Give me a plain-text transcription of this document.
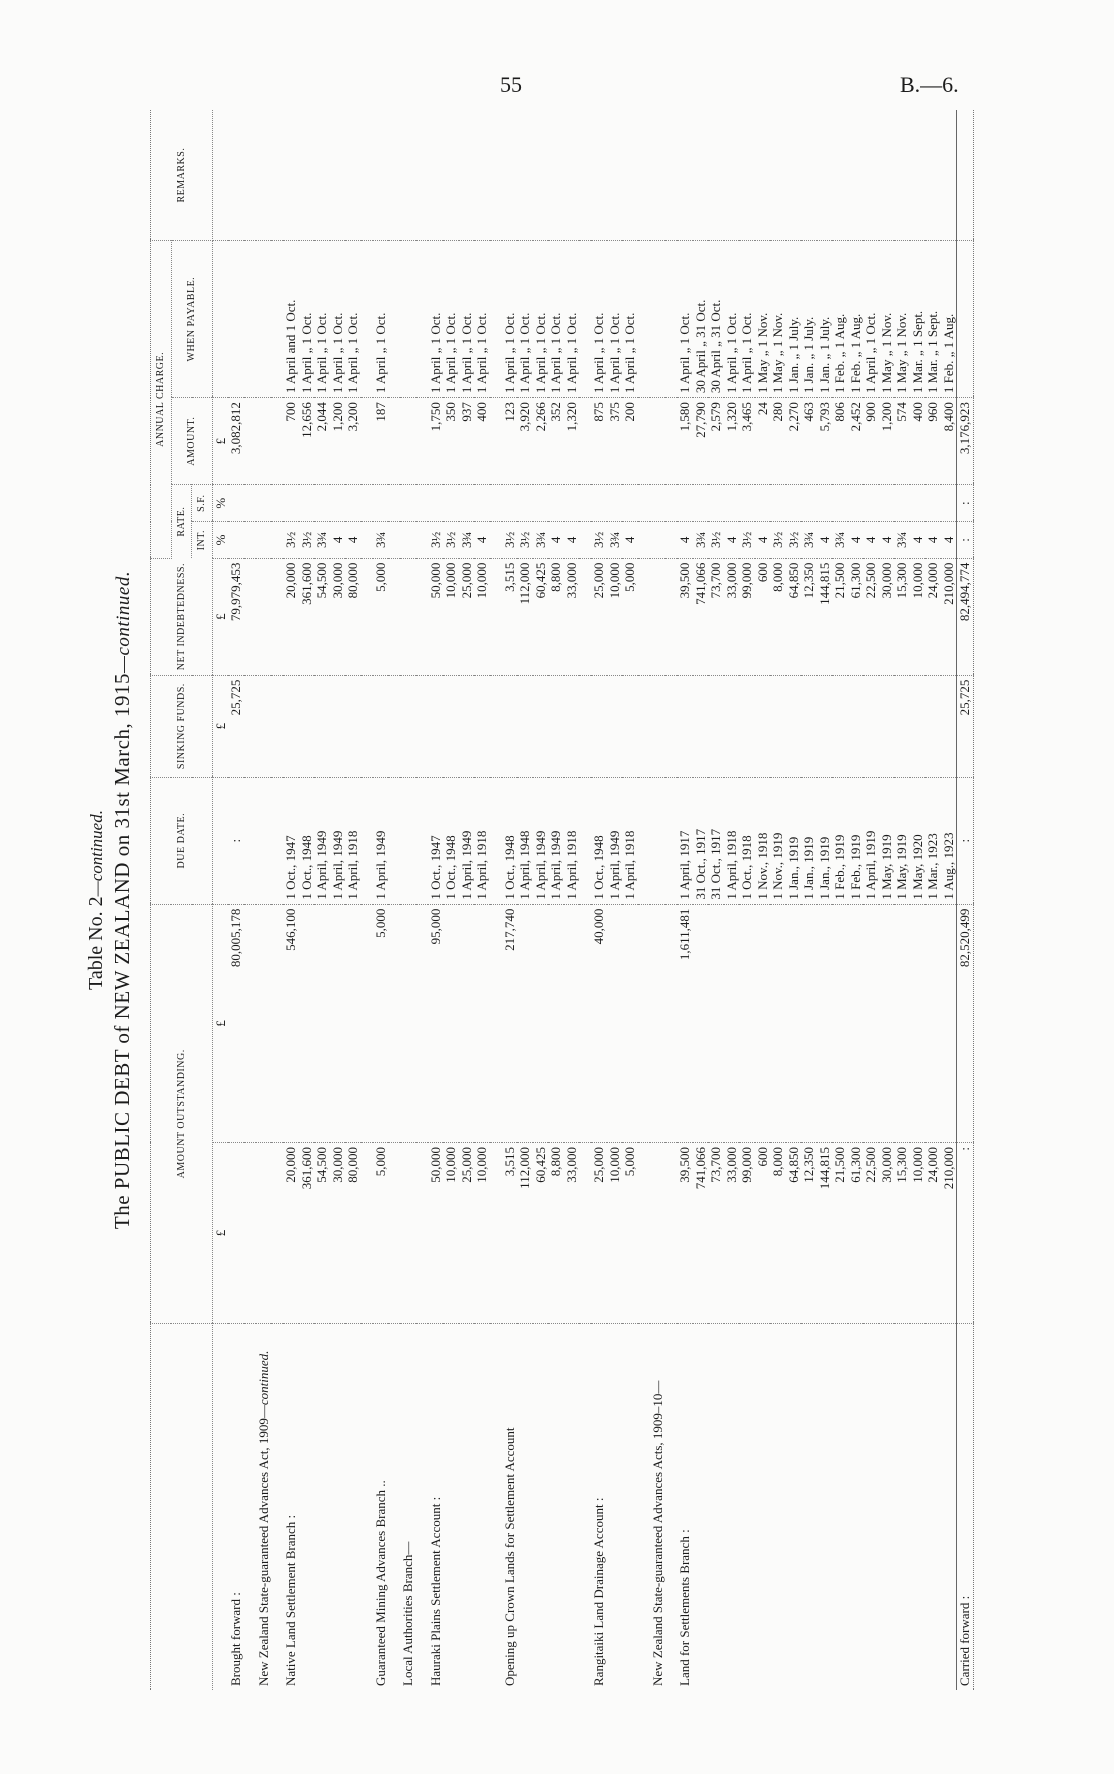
55	B.—6.
Table No. 2—continued. The PUBLIC DEBT of NEW ZEALAND on 31st March, 1915—continued.
	AMOUNT OUTSTANDING.		DUE DATE.	SINKING FUNDS.	NET INDEBTEDNESS.	ANNUAL CHARGE.				REMARKS.
						RATE.		AMOUNT.	WHEN PAYABLE.	
						INT.	S.F.			
	£	£		£	£	%	%	£		
Brought forward :		80,005,178	:	25,725	79,979,453			3,082,812		

New Zealand State-guaranteed Advances Act, 1909—continued.										

Native Land Settlement Branch :	20,000	546,100	1 Oct., 1947		20,000	3½		700	1 April and 1 Oct.	
	361,600		1 Oct., 1948		361,600	3½		12,656	1 April „ 1 Oct.	
	54,500		1 April, 1949		54,500	3¾		2,044	1 April „ 1 Oct.	
	30,000		1 April, 1949		30,000	4		1,200	1 April „ 1 Oct.	
	80,000		1 April, 1918		80,000	4		3,200	1 April „ 1 Oct.	

Guaranteed Mining Advances Branch ..	5,000	5,000	1 April, 1949		5,000	3¾		187	1 April „ 1 Oct.	

Local Authorities Branch—										

Hauraki Plains Settlement Account :	50,000	95,000	1 Oct., 1947		50,000	3½		1,750	1 April „ 1 Oct.	
	10,000		1 Oct., 1948		10,000	3½		350	1 April „ 1 Oct.	
	25,000		1 April, 1949		25,000	3¾		937	1 April „ 1 Oct.	
	10,000		1 April, 1918		10,000	4		400	1 April „ 1 Oct.	

Opening up Crown Lands for Settlement Account	3,515	217,740	1 Oct., 1948		3,515	3½		123	1 April „ 1 Oct.	
	112,000		1 April, 1948		112,000	3½		3,920	1 April „ 1 Oct.	
	60,425		1 April, 1949		60,425	3¾		2,266	1 April „ 1 Oct.	
	8,800		1 April, 1949		8,800	4		352	1 April „ 1 Oct.	
	33,000		1 April, 1918		33,000	4		1,320	1 April „ 1 Oct.	

Rangitaiki Land Drainage Account :	25,000	40,000	1 Oct., 1948		25,000	3½		875	1 April „ 1 Oct.	
	10,000		1 April, 1949		10,000	3¾		375	1 April „ 1 Oct.	
	5,000		1 April, 1918		5,000	4		200	1 April „ 1 Oct.	

New Zealand State-guaranteed Advances Acts, 1909–10—										

Land for Settlements Branch :	39,500	1,611,481	1 April, 1917		39,500	4		1,580	1 April „ 1 Oct.	
	741,066		31 Oct., 1917		741,066	3¾		27,790	30 April „ 31 Oct.	
	73,700		31 Oct., 1917		73,700	3½		2,579	30 April „ 31 Oct.	
	33,000		1 April, 1918		33,000	4		1,320	1 April „ 1 Oct.	
	99,000		1 Oct., 1918		99,000	3½		3,465	1 April „ 1 Oct.	
	600		1 Nov., 1918		600	4		24	1 May „ 1 Nov.	
	8,000		1 Nov., 1919		8,000	3½		280	1 May „ 1 Nov.	
	64,850		1 Jan., 1919		64,850	3½		2,270	1 Jan. „ 1 July.	
	12,350		1 Jan., 1919		12,350	3¾		463	1 Jan. „ 1 July.	
	144,815		1 Jan., 1919		144,815	4		5,793	1 Jan. „ 1 July.	
	21,500		1 Feb., 1919		21,500	3¾		806	1 Feb. „ 1 Aug.	
	61,300		1 Feb., 1919		61,300	4		2,452	1 Feb. „ 1 Aug.	
	22,500		1 April, 1919		22,500	4		900	1 April „ 1 Oct.	
	30,000		1 May, 1919		30,000	4		1,200	1 May „ 1 Nov.	
	15,300		1 May, 1919		15,300	3¾		574	1 May „ 1 Nov.	
	10,000		1 May, 1920		10,000	4		400	1 Mar. „ 1 Sept.	
	24,000		1 Mar., 1923		24,000	4		960	1 Mar. „ 1 Sept.	
	210,000		1 Aug., 1923		210,000	4		8,400	1 Feb. „ 1 Aug.	
Carried forward :	:	82,520,499	:	25,725	82,494,774	:	:	3,176,923		
